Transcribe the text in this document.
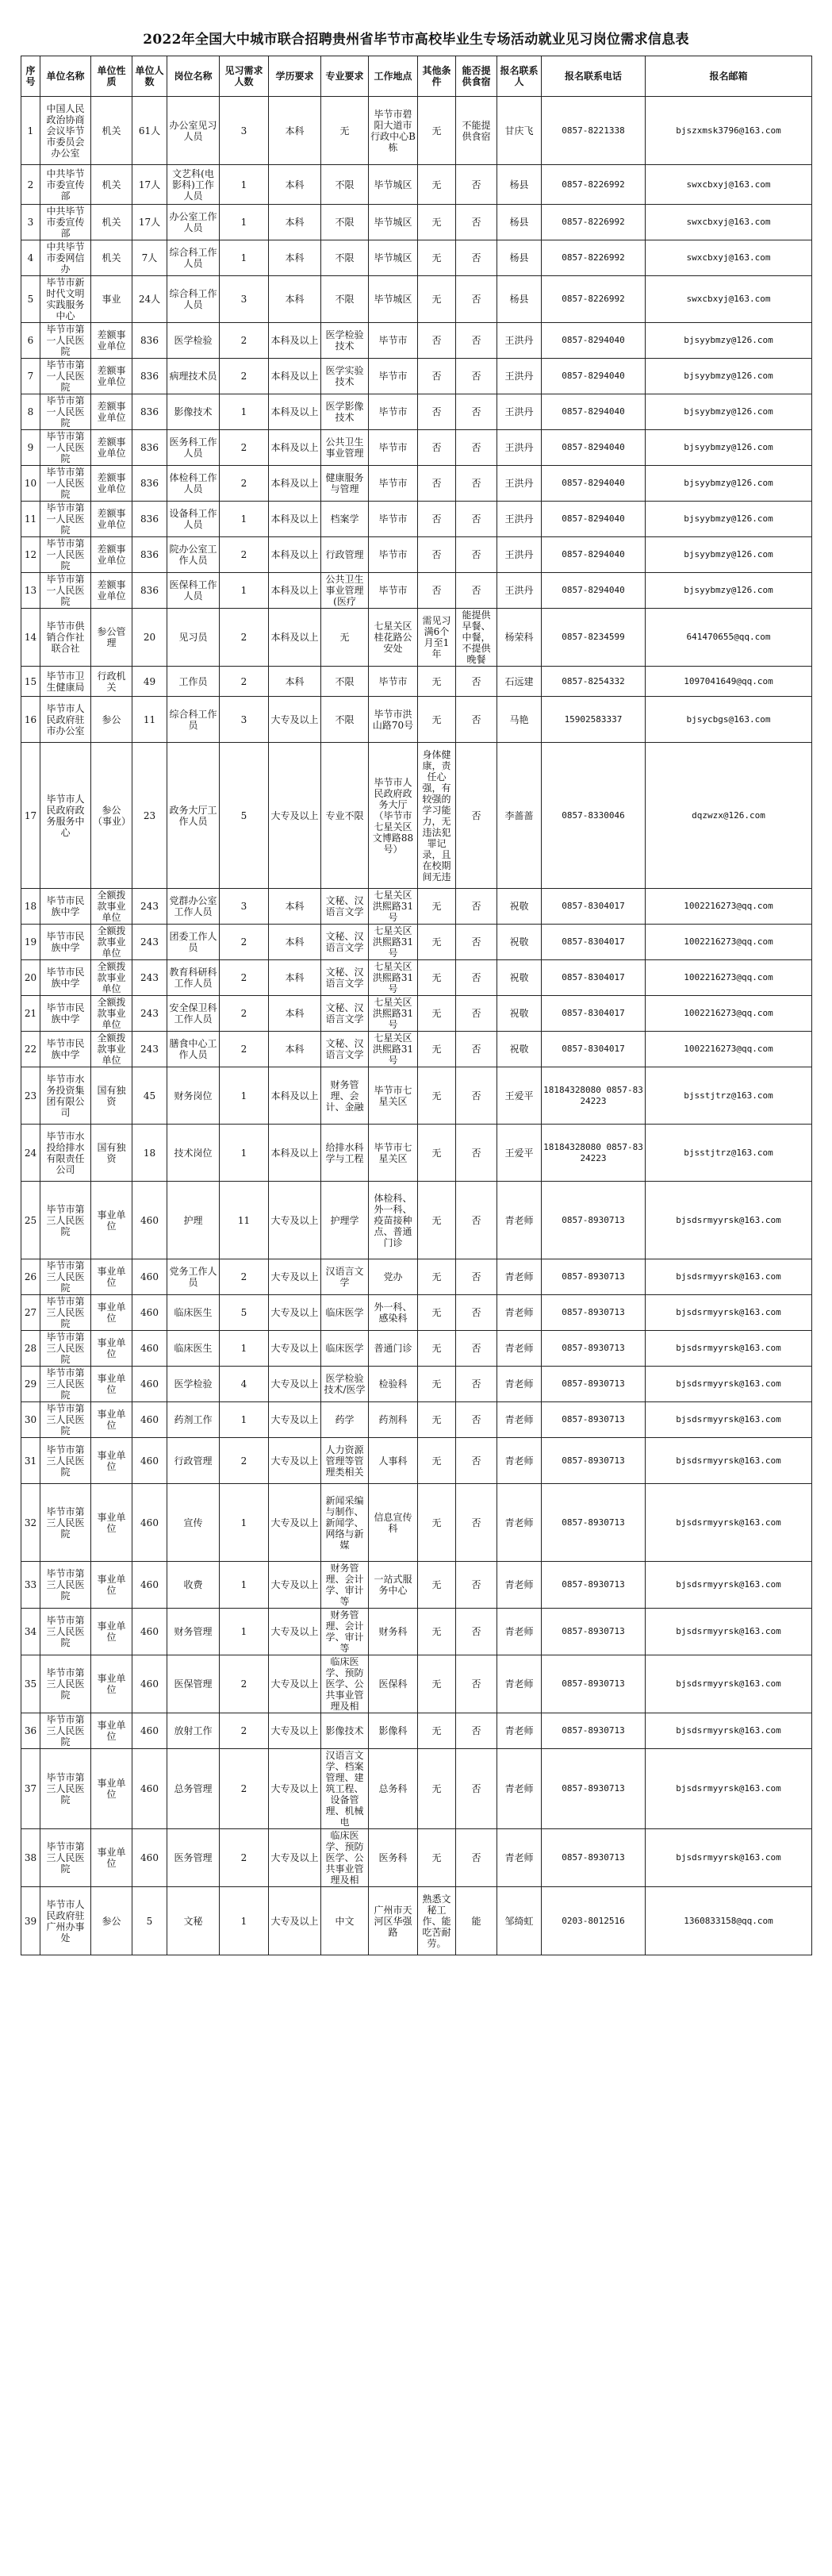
2022年全国大中城市联合招聘贵州省毕节市高校毕业生专场活动就业见习岗位需求信息表
序号	单位名称	单位性质	单位人数	岗位名称	见习需求人数	学历要求	专业要求	工作地点	其他条件	能否提供食宿	报名联系人	报名联系电话	报名邮箱
1	中国人民政治协商会议毕节市委员会办公室	机关	61人	办公室见习人员	3	本科	无	毕节市碧阳大道市行政中心B栋	无	不能提供食宿	甘庆飞	0857-8221338	bjszxmsk3796@163.com
2	中共毕节市委宣传部	机关	17人	文艺科(电影科)工作人员	1	本科	不限	毕节城区	无	否	杨县	0857-8226992	swxcbxyj@163.com
3	中共毕节市委宣传部	机关	17人	办公室工作人员	1	本科	不限	毕节城区	无	否	杨县	0857-8226992	swxcbxyj@163.com
4	中共毕节市委网信办	机关	7人	综合科工作人员	1	本科	不限	毕节城区	无	否	杨县	0857-8226992	swxcbxyj@163.com
5	毕节市新时代文明实践服务中心	事业	24人	综合科工作人员	3	本科	不限	毕节城区	无	否	杨县	0857-8226992	swxcbxyj@163.com
6	毕节市第一人民医院	差额事业单位	836	医学检验	2	本科及以上	医学检验技术	毕节市	否	否	王洪丹	0857-8294040	bjsyybmzy@126.com
7	毕节市第一人民医院	差额事业单位	836	病理技术员	2	本科及以上	医学实验技术	毕节市	否	否	王洪丹	0857-8294040	bjsyybmzy@126.com
8	毕节市第一人民医院	差额事业单位	836	影像技术	1	本科及以上	医学影像技术	毕节市	否	否	王洪丹	0857-8294040	bjsyybmzy@126.com
9	毕节市第一人民医院	差额事业单位	836	医务科工作人员	2	本科及以上	公共卫生事业管理	毕节市	否	否	王洪丹	0857-8294040	bjsyybmzy@126.com
10	毕节市第一人民医院	差额事业单位	836	体检科工作人员	2	本科及以上	健康服务与管理	毕节市	否	否	王洪丹	0857-8294040	bjsyybmzy@126.com
11	毕节市第一人民医院	差额事业单位	836	设备科工作人员	1	本科及以上	档案学	毕节市	否	否	王洪丹	0857-8294040	bjsyybmzy@126.com
12	毕节市第一人民医院	差额事业单位	836	院办公室工作人员	2	本科及以上	行政管理	毕节市	否	否	王洪丹	0857-8294040	bjsyybmzy@126.com
13	毕节市第一人民医院	差额事业单位	836	医保科工作人员	1	本科及以上	公共卫生事业管理(医疗	毕节市	否	否	王洪丹	0857-8294040	bjsyybmzy@126.com
14	毕节市供销合作社联合社	参公管理	20	见习员	2	本科及以上	无	七星关区桂花路公安处	需见习满6个月至1年	能提供早餐、中餐，不提供晚餐	杨荣科	0857-8234599	641470655@qq.com
15	毕节市卫生健康局	行政机关	49	工作员	2	本科	不限	毕节市	无	否	石远建	0857-8254332	1097041649@qq.com
16	毕节市人民政府驻市办公室	参公	11	综合科工作员	3	大专及以上	不限	毕节市洪山路70号	无	否	马艳	15902583337	bjsycbgs@163.com
17	毕节市人民政府政务服务中心	参公（事业）	23	政务大厅工作人员	5	大专及以上	专业不限	毕节市人民政府政务大厅（毕节市七星关区文博路88号）	身体健康，责任心强，有较强的学习能力，无违法犯罪记录，且在校期间无违	否	李蔷蔷	0857-8330046	dqzwzx@126.com
18	毕节市民族中学	全额拨款事业单位	243	党群办公室工作人员	3	本科	文秘、汉语言文学	七星关区洪熙路31号	无	否	祝敬	0857-8304017	1002216273@qq.com
19	毕节市民族中学	全额拨款事业单位	243	团委工作人员	2	本科	文秘、汉语言文学	七星关区洪熙路31号	无	否	祝敬	0857-8304017	1002216273@qq.com
20	毕节市民族中学	全额拨款事业单位	243	教育科研科工作人员	2	本科	文秘、汉语言文学	七星关区洪熙路31号	无	否	祝敬	0857-8304017	1002216273@qq.com
21	毕节市民族中学	全额拨款事业单位	243	安全保卫科工作人员	2	本科	文秘、汉语言文学	七星关区洪熙路31号	无	否	祝敬	0857-8304017	1002216273@qq.com
22	毕节市民族中学	全额拨款事业单位	243	膳食中心工作人员	2	本科	文秘、汉语言文学	七星关区洪熙路31号	无	否	祝敬	0857-8304017	1002216273@qq.com
23	毕节市水务投资集团有限公司	国有独资	45	财务岗位	1	本科及以上	财务管理、会计、金融	毕节市七星关区	无	否	王爱平	18184328080 0857-8324223	bjsstjtrz@163.com
24	毕节市水投给排水有限责任公司	国有独资	18	技术岗位	1	本科及以上	给排水科学与工程	毕节市七星关区	无	否	王爱平	18184328080 0857-8324223	bjsstjtrz@163.com
25	毕节市第三人民医院	事业单位	460	护理	11	大专及以上	护理学	体检科、外一科、疫苗接种点、普通门诊	无	否	青老师	0857-8930713	bjsdsrmyyrsk@163.com
26	毕节市第三人民医院	事业单位	460	党务工作人员	2	大专及以上	汉语言文学	党办	无	否	青老师	0857-8930713	bjsdsrmyyrsk@163.com
27	毕节市第三人民医院	事业单位	460	临床医生	5	大专及以上	临床医学	外一科、感染科	无	否	青老师	0857-8930713	bjsdsrmyyrsk@163.com
28	毕节市第三人民医院	事业单位	460	临床医生	1	大专及以上	临床医学	普通门诊	无	否	青老师	0857-8930713	bjsdsrmyyrsk@163.com
29	毕节市第三人民医院	事业单位	460	医学检验	4	大专及以上	医学检验技术/医学	检验科	无	否	青老师	0857-8930713	bjsdsrmyyrsk@163.com
30	毕节市第三人民医院	事业单位	460	药剂工作	1	大专及以上	药学	药剂科	无	否	青老师	0857-8930713	bjsdsrmyyrsk@163.com
31	毕节市第三人民医院	事业单位	460	行政管理	2	大专及以上	人力资源管理等管理类相关	人事科	无	否	青老师	0857-8930713	bjsdsrmyyrsk@163.com
32	毕节市第三人民医院	事业单位	460	宣传	1	大专及以上	新闻采编与制作、新闻学、网络与新媒	信息宣传科	无	否	青老师	0857-8930713	bjsdsrmyyrsk@163.com
33	毕节市第三人民医院	事业单位	460	收费	1	大专及以上	财务管理、会计学、审计等	一站式服务中心	无	否	青老师	0857-8930713	bjsdsrmyyrsk@163.com
34	毕节市第三人民医院	事业单位	460	财务管理	1	大专及以上	财务管理、会计学、审计等	财务科	无	否	青老师	0857-8930713	bjsdsrmyyrsk@163.com
35	毕节市第三人民医院	事业单位	460	医保管理	2	大专及以上	临床医学、预防医学、公共事业管理及相	医保科	无	否	青老师	0857-8930713	bjsdsrmyyrsk@163.com
36	毕节市第三人民医院	事业单位	460	放射工作	2	大专及以上	影像技术	影像科	无	否	青老师	0857-8930713	bjsdsrmyyrsk@163.com
37	毕节市第三人民医院	事业单位	460	总务管理	2	大专及以上	汉语言文学、档案管理、建筑工程、设备管理、机械电	总务科	无	否	青老师	0857-8930713	bjsdsrmyyrsk@163.com
38	毕节市第三人民医院	事业单位	460	医务管理	2	大专及以上	临床医学、预防医学、公共事业管理及相	医务科	无	否	青老师	0857-8930713	bjsdsrmyyrsk@163.com
39	毕节市人民政府驻广州办事处	参公	5	文秘	1	大专及以上	中文	广州市天河区华强路	熟悉文秘工作、能吃苦耐劳。	能	邹绮虹	0203-8012516	1360833158@qq.com
